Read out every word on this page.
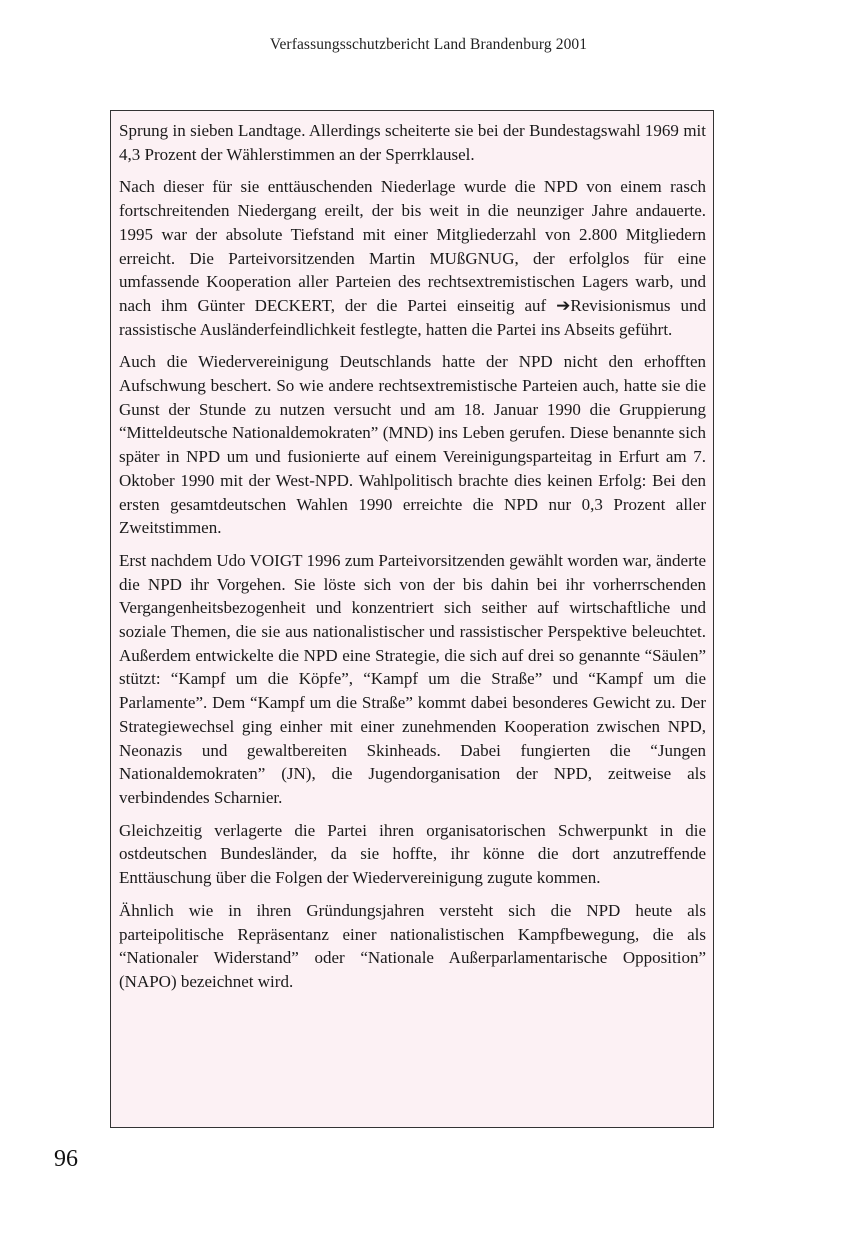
Verfassungsschutzbericht Land Brandenburg 2001

Sprung in sieben Landtage. Allerdings scheiterte sie bei der Bundestagswahl 1969 mit 4,3 Prozent der Wählerstimmen an der Sperrklausel.

Nach dieser für sie enttäuschenden Niederlage wurde die NPD von einem rasch fortschreitenden Niedergang ereilt, der bis weit in die neunziger Jahre andauerte. 1995 war der absolute Tiefstand mit einer Mitgliederzahl von 2.800 Mitgliedern erreicht. Die Parteivorsitzenden Martin MUßGNUG, der erfolglos für eine umfassende Kooperation aller Parteien des rechtsextremistischen Lagers warb, und nach ihm Günter DECKERT, der die Partei einseitig auf ➔Revisionismus und rassistische Ausländerfeindlichkeit festlegte, hatten die Partei ins Abseits geführt.

Auch die Wiedervereinigung Deutschlands hatte der NPD nicht den erhofften Aufschwung beschert. So wie andere rechtsextremistische Parteien auch, hatte sie die Gunst der Stunde zu nutzen versucht und am 18. Januar 1990 die Gruppierung “Mitteldeutsche Nationaldemokraten” (MND) ins Leben gerufen. Diese benannte sich später in NPD um und fusionierte auf einem Vereinigungsparteitag in Erfurt am 7. Oktober 1990 mit der West-NPD. Wahlpolitisch brachte dies keinen Erfolg: Bei den ersten gesamtdeutschen Wahlen 1990 erreichte die NPD nur 0,3 Prozent aller Zweitstimmen.

Erst nachdem Udo VOIGT 1996 zum Parteivorsitzenden gewählt worden war, änderte die NPD ihr Vorgehen. Sie löste sich von der bis dahin bei ihr vorherrschenden Vergangenheitsbezogenheit und konzentriert sich seither auf wirtschaftliche und soziale Themen, die sie aus nationalistischer und rassistischer Perspektive beleuchtet. Außerdem entwickelte die NPD eine Strategie, die sich auf drei so genannte “Säulen” stützt: “Kampf um die Köpfe”, “Kampf um die Straße” und “Kampf um die Parlamente”. Dem “Kampf um die Straße” kommt dabei besonderes Gewicht zu. Der Strategiewechsel ging einher mit einer zunehmenden Kooperation zwischen NPD, Neonazis und gewaltbereiten Skinheads. Dabei fungierten die “Jungen Nationaldemokraten” (JN), die Jugendorganisation der NPD, zeitweise als verbindendes Scharnier.

Gleichzeitig verlagerte die Partei ihren organisatorischen Schwerpunkt in die ostdeutschen Bundesländer, da sie hoffte, ihr könne die dort anzutreffende Enttäuschung über die Folgen der Wiedervereinigung zugute kommen.

Ähnlich wie in ihren Gründungsjahren versteht sich die NPD heute als parteipolitische Repräsentanz einer nationalistischen Kampfbewegung, die als “Nationaler Widerstand” oder “Nationale Außerparlamentarische Opposition” (NAPO) bezeichnet wird.

96
